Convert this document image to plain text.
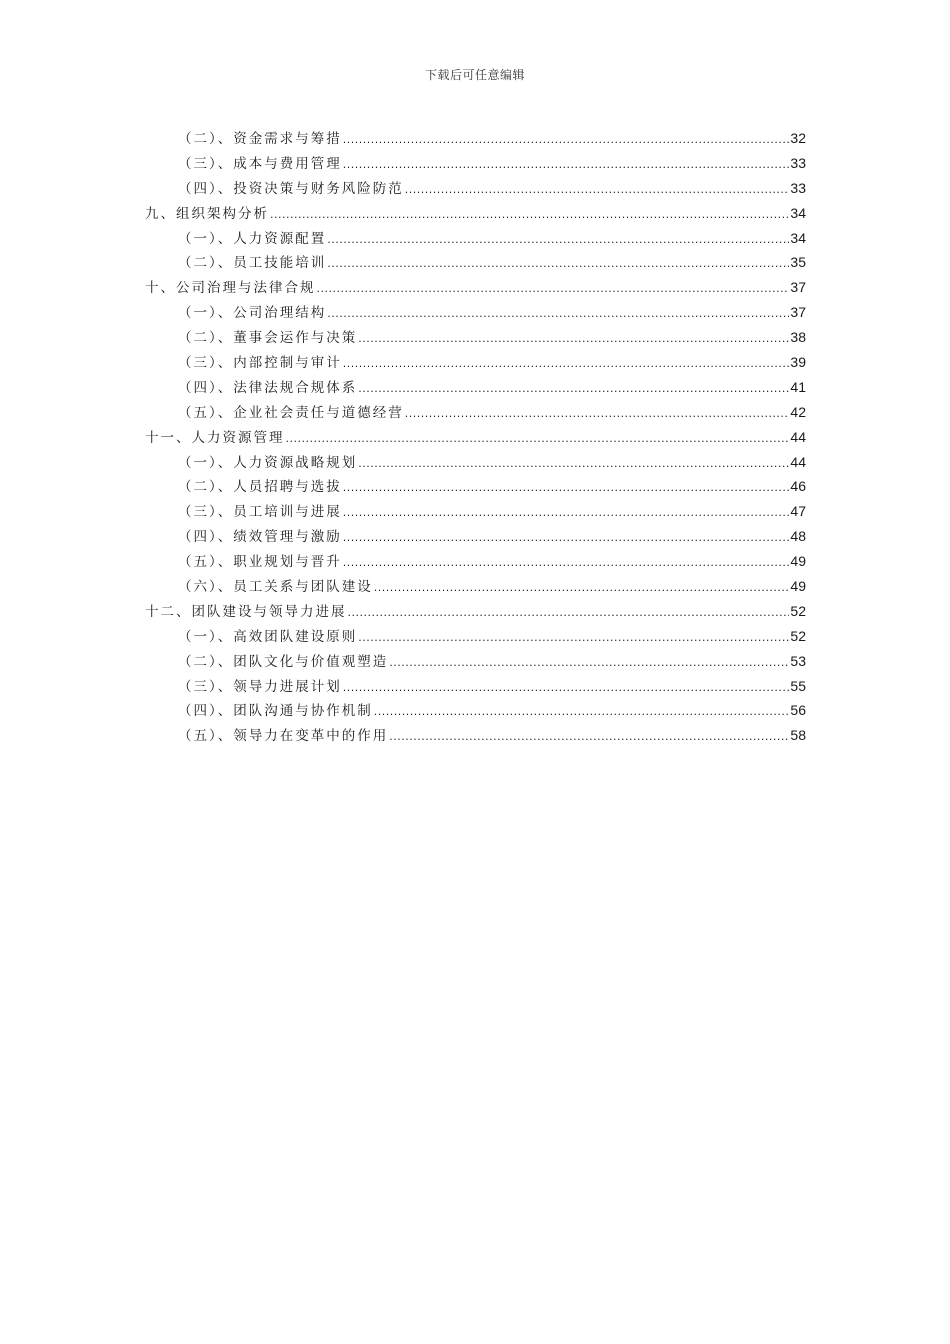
下载后可任意编辑
（二）、资金需求与筹措 .....	32
（三）、成本与费用管理 .....	33
（四）、投资决策与财务风险防范 .....	33
九、组织架构分析 .....	34
（一）、人力资源配置 .....	34
（二）、员工技能培训 .....	35
十、公司治理与法律合规 .....	37
（一）、公司治理结构 .....	37
（二）、董事会运作与决策 .....	38
（三）、内部控制与审计 .....	39
（四）、法律法规合规体系 .....	41
（五）、企业社会责任与道德经营 .....	42
十一、人力资源管理 .....	44
（一）、人力资源战略规划 .....	44
（二）、人员招聘与选拔 .....	46
（三）、员工培训与进展 .....	47
（四）、绩效管理与激励 .....	48
（五）、职业规划与晋升 .....	49
（六）、员工关系与团队建设 .....	49
十二、团队建设与领导力进展 .....	52
（一）、高效团队建设原则 .....	52
（二）、团队文化与价值观塑造 .....	53
（三）、领导力进展计划 .....	55
（四）、团队沟通与协作机制 .....	56
（五）、领导力在变革中的作用 .....	58
